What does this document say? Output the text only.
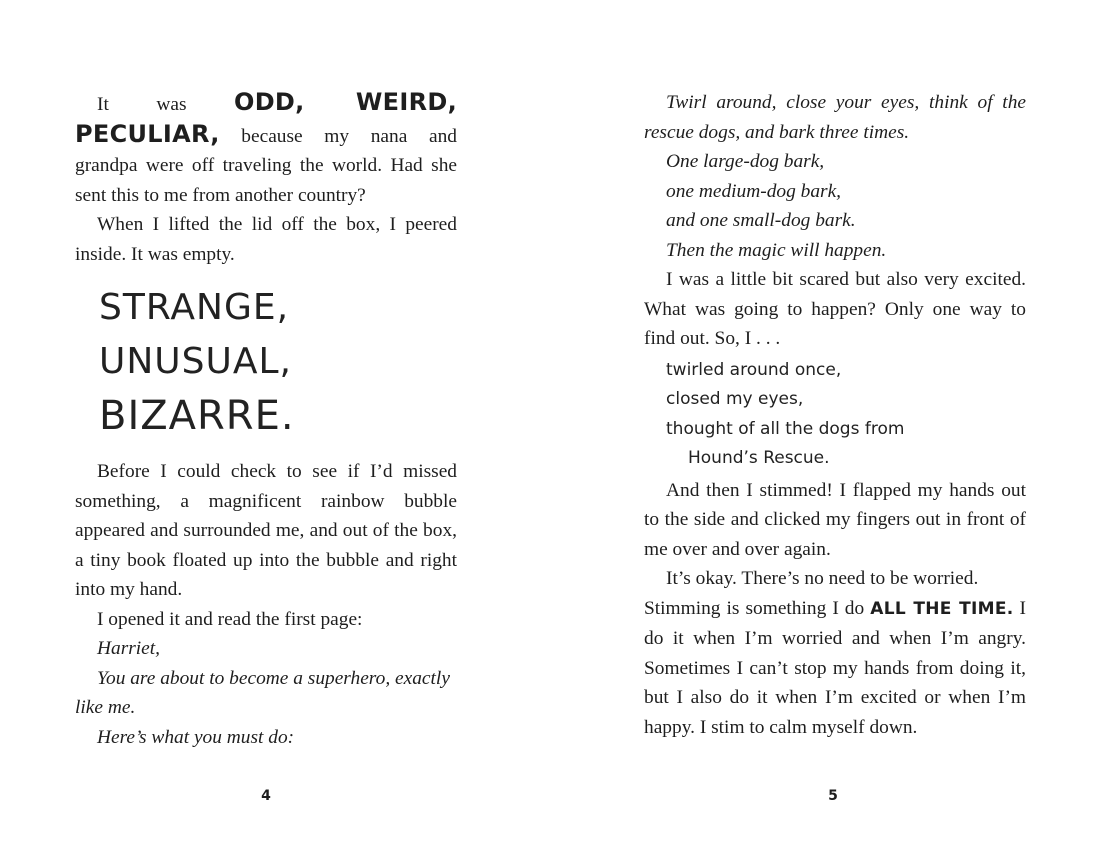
It was ODD, WEIRD, PECULIAR, because my nana and grandpa were off traveling the world. Had she sent this to me from another country?

When I lifted the lid off the box, I peered inside. It was empty.

STRANGE,
UNUSUAL,
BIZARRE.

Before I could check to see if I’d missed something, a magnificent rainbow bubble appeared and surrounded me, and out of the box, a tiny book floated up into the bubble and right into my hand.

I opened it and read the first page:

Harriet,

You are about to become a superhero, exactly like me.

Here’s what you must do:

Twirl around, close your eyes, think of the rescue dogs, and bark three times.

One large-dog bark,

one medium-dog bark,

and one small-dog bark.

Then the magic will happen.

I was a little bit scared but also very excited. What was going to happen? Only one way to find out. So, I . . .

twirled around once,
closed my eyes,
thought of all the dogs from
Hound’s Rescue.

And then I stimmed! I flapped my hands out to the side and clicked my fingers out in front of me over and over again.

It’s okay. There’s no need to be worried.

Stimming is something I do ALL THE TIME. I do it when I’m worried and when I’m angry. Sometimes I can’t stop my hands from doing it, but I also do it when I’m excited or when I’m happy. I stim to calm myself down.

4	5
